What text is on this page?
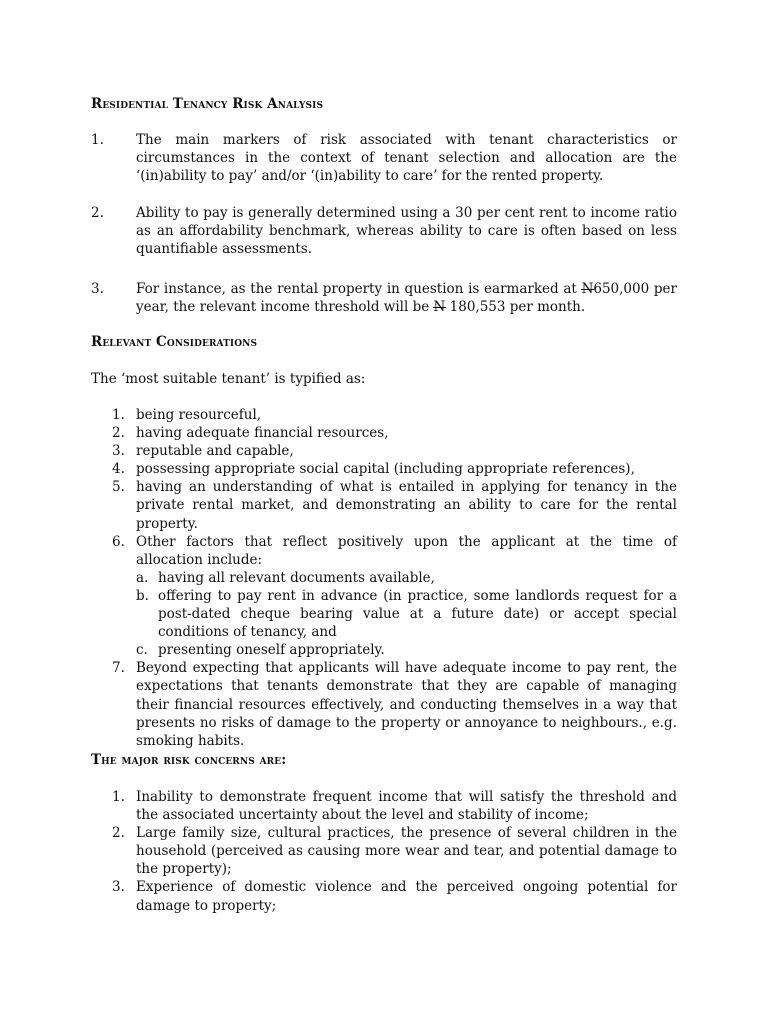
Residential Tenancy Risk Analysis
1. The main markers of risk associated with tenant characteristics or circumstances in the context of tenant selection and allocation are the ‘(in)ability to pay’ and/or ‘(in)ability to care’ for the rented property.
2. Ability to pay is generally determined using a 30 per cent rent to income ratio as an affordability benchmark, whereas ability to care is often based on less quantifiable assessments.
3. For instance, as the rental property in question is earmarked at N650,000 per year, the relevant income threshold will be N 180,553 per month.
Relevant Considerations
The ‘most suitable tenant’ is typified as:
1. being resourceful,
2. having adequate financial resources,
3. reputable and capable,
4. possessing appropriate social capital (including appropriate references),
5. having an understanding of what is entailed in applying for tenancy in the private rental market, and demonstrating an ability to care for the rental property.
6. Other factors that reflect positively upon the applicant at the time of allocation include:
a. having all relevant documents available,
b. offering to pay rent in advance (in practice, some landlords request for a post-dated cheque bearing value at a future date) or accept special conditions of tenancy, and
c. presenting oneself appropriately.
7. Beyond expecting that applicants will have adequate income to pay rent, the expectations that tenants demonstrate that they are capable of managing their financial resources effectively, and conducting themselves in a way that presents no risks of damage to the property or annoyance to neighbours., e.g. smoking habits.
The major risk concerns are:
1. Inability to demonstrate frequent income that will satisfy the threshold and the associated uncertainty about the level and stability of income;
2. Large family size, cultural practices, the presence of several children in the household (perceived as causing more wear and tear, and potential damage to the property);
3. Experience of domestic violence and the perceived ongoing potential for damage to property;
